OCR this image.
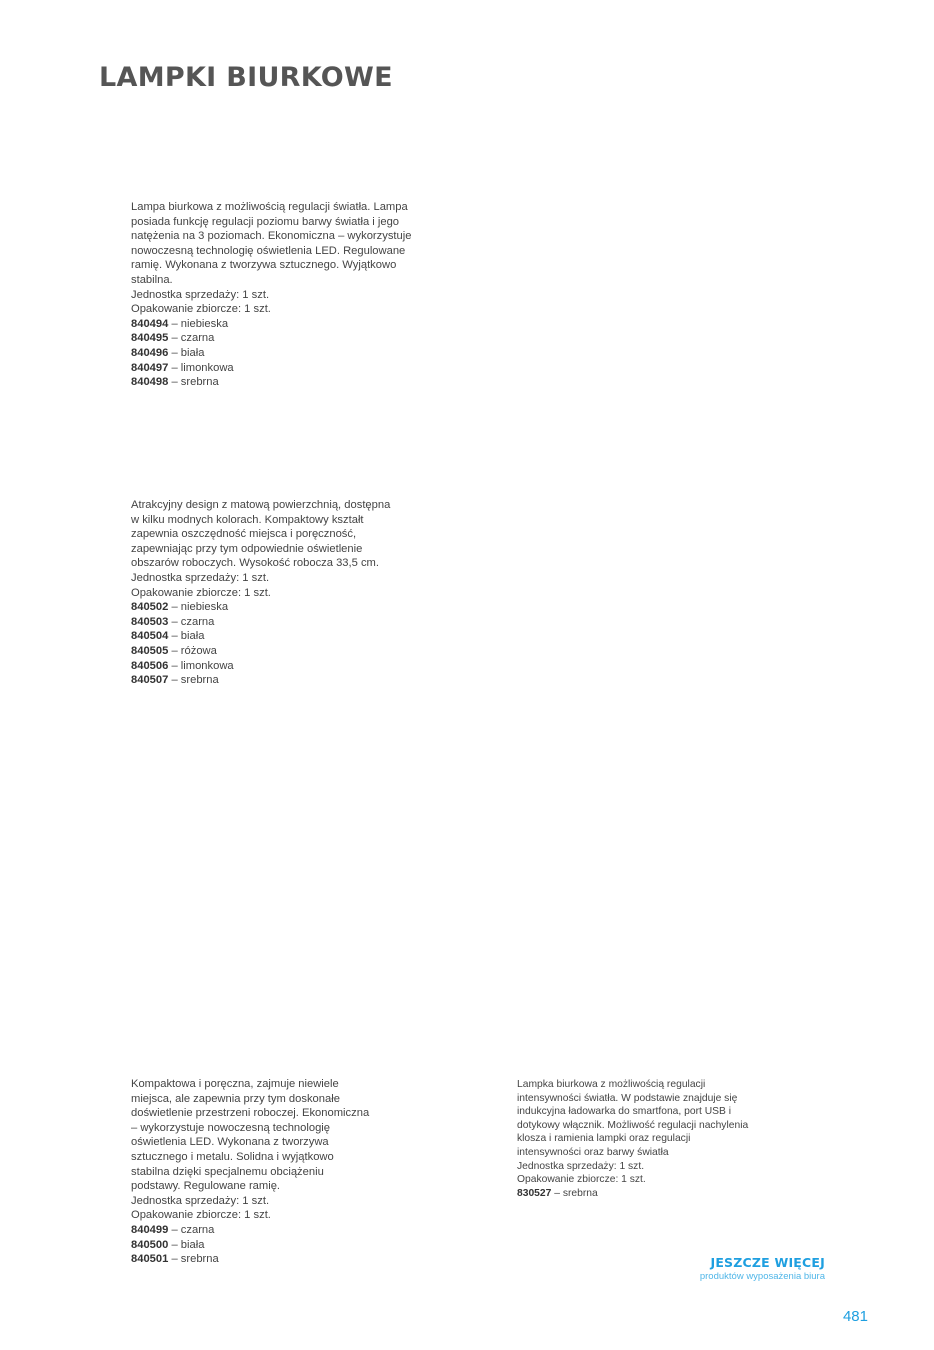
LAMPKI BIURKOWE

Lampa biurkowa z możliwością regulacji światła. Lampa posiada funkcję regulacji poziomu barwy światła i jego natężenia na 3 poziomach. Ekonomiczna – wykorzystuje nowoczesną technologię oświetlenia LED. Regulowane ramię. Wykonana z tworzywa sztucznego. Wyjątkowo stabilna.

Jednostka sprzedaży: 1 szt.

Opakowanie zbiorcze: 1 szt.

840494 – niebieska
840495 – czarna
840496 – biała
840497 – limonkowa
840498 – srebrna

Atrakcyjny design z matową powierzchnią, dostępna w kilku modnych kolorach. Kompaktowy kształt zapewnia oszczędność miejsca i poręczność, zapewniając przy tym odpowiednie oświetlenie obszarów roboczych. Wysokość robocza 33,5 cm.

Jednostka sprzedaży: 1 szt.

Opakowanie zbiorcze: 1 szt.

840502 – niebieska
840503 – czarna
840504 – biała
840505 – różowa
840506 – limonkowa
840507 – srebrna

Kompaktowa i poręczna, zajmuje niewiele miejsca, ale zapewnia przy tym doskonałe doświetlenie przestrzeni roboczej. Ekonomiczna – wykorzystuje nowoczesną technologię oświetlenia LED. Wykonana z tworzywa sztucznego i metalu. Solidna i wyjątkowo stabilna dzięki specjalnemu obciążeniu podstawy. Regulowane ramię.

Jednostka sprzedaży: 1 szt.

Opakowanie zbiorcze: 1 szt.

840499 – czarna
840500 – biała
840501 – srebrna

Lampka biurkowa z możliwością regulacji intensywności światła. W podstawie znajduje się indukcyjna ładowarka do smartfona, port USB i dotykowy włącznik. Możliwość regulacji nachylenia klosza i ramienia lampki oraz regulacji intensywności oraz barwy światła

Jednostka sprzedaży: 1 szt.

Opakowanie zbiorcze: 1 szt.

830527 – srebrna
JESZCZE WIĘCEJ
produktów wyposażenia biura
481
